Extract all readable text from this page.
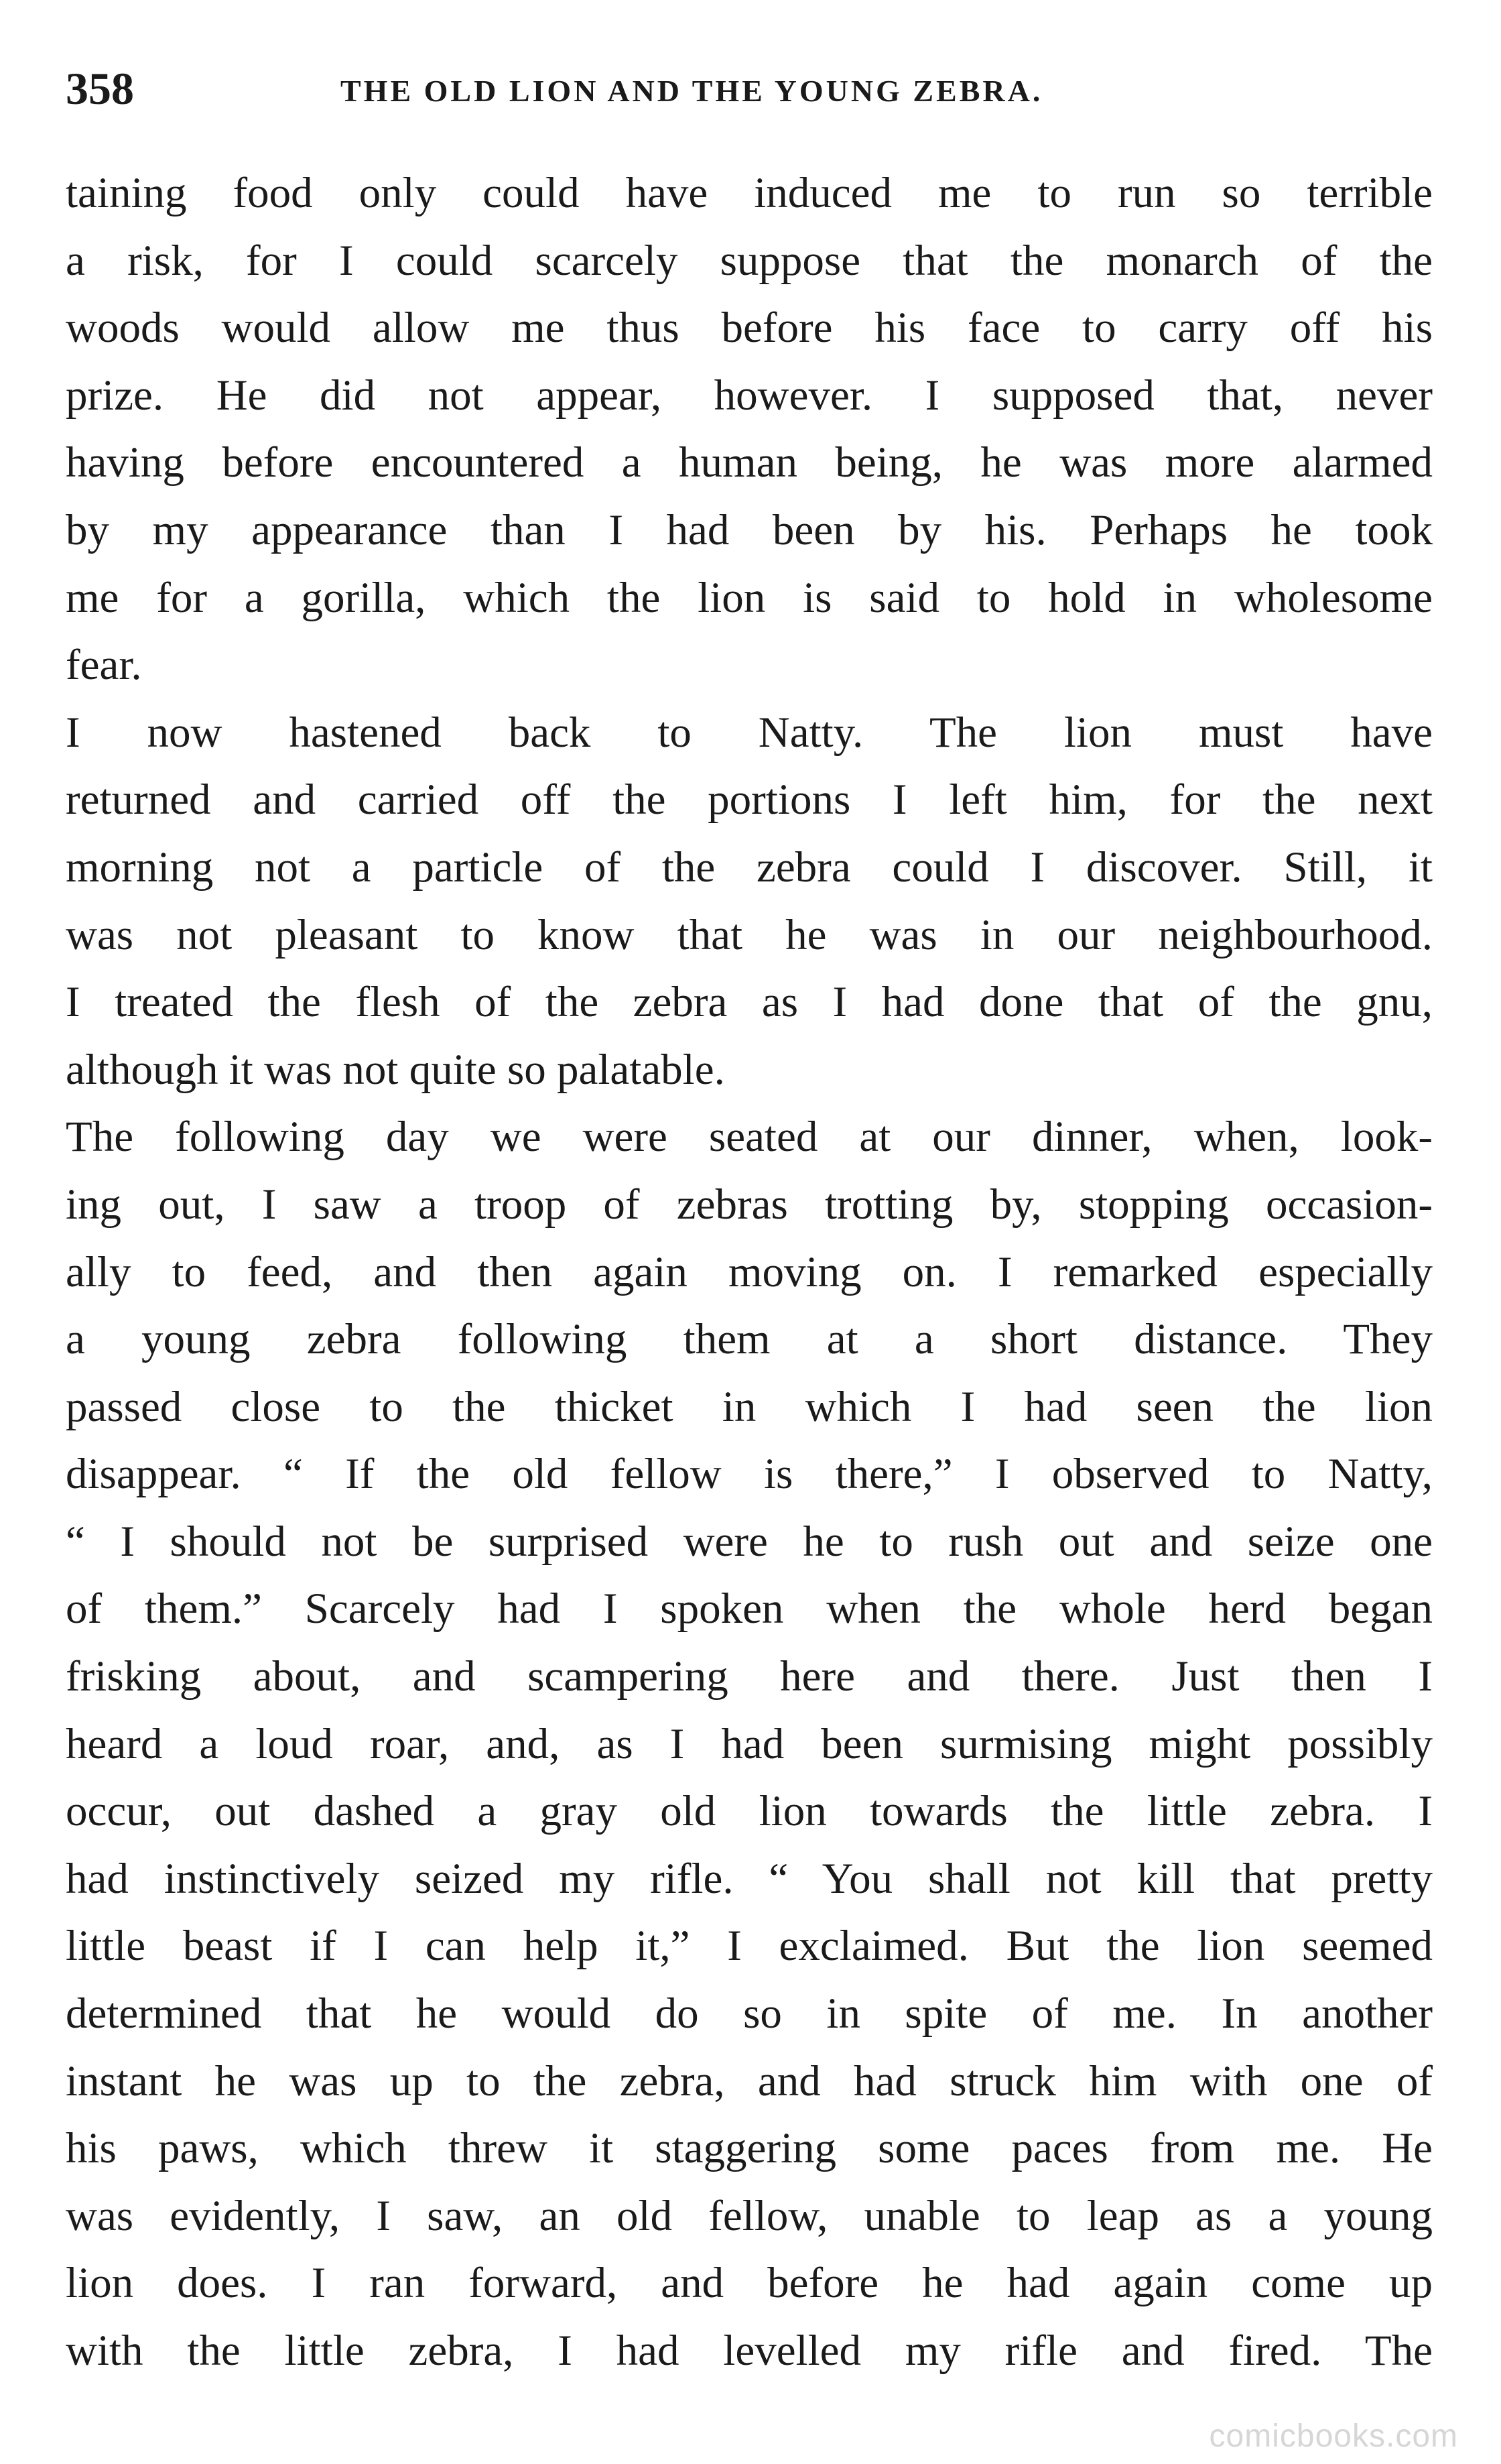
358	THE OLD LION AND THE YOUNG ZEBRA.
taining food only could have induced me to run so terrible
a risk, for I could scarcely suppose that the monarch of the
woods would allow me thus before his face to carry off his
prize. He did not appear, however. I supposed that, never
having before encountered a human being, he was more alarmed
by my appearance than I had been by his. Perhaps he took
me for a gorilla, which the lion is said to hold in wholesome
fear.
I now hastened back to Natty. The lion must have
returned and carried off the portions I left him, for the next
morning not a particle of the zebra could I discover. Still, it
was not pleasant to know that he was in our neighbourhood.
I treated the flesh of the zebra as I had done that of the gnu,
although it was not quite so palatable.
The following day we were seated at our dinner, when, look-
ing out, I saw a troop of zebras trotting by, stopping occasion-
ally to feed, and then again moving on. I remarked especially
a young zebra following them at a short distance. They
passed close to the thicket in which I had seen the lion
disappear. “ If the old fellow is there,” I observed to Natty,
“ I should not be surprised were he to rush out and seize one
of them.” Scarcely had I spoken when the whole herd began
frisking about, and scampering here and there. Just then I
heard a loud roar, and, as I had been surmising might possibly
occur, out dashed a gray old lion towards the little zebra. I
had instinctively seized my rifle. “ You shall not kill that pretty
little beast if I can help it,” I exclaimed. But the lion seemed
determined that he would do so in spite of me. In another
instant he was up to the zebra, and had struck him with one of
his paws, which threw it staggering some paces from me. He
was evidently, I saw, an old fellow, unable to leap as a young
lion does. I ran forward, and before he had again come up
with the little zebra, I had levelled my rifle and fired. The
comicbooks.com
